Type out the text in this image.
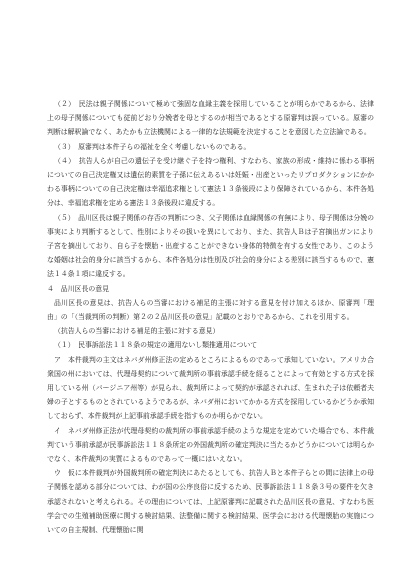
（２）　民法は親子関係について極めて強固な血縁主義を採用していることが明らかであるから、法律上の母子関係についても従前どおり分娩者を母とするのが相当であるとする原審判は誤っている。原審の判断は解釈論でなく、あたかも立法機関による一律的な法規範を決定することを意図した立法論である。

（３）　原審判は本件子らの福祉を全く考慮しないものである。

（４）　抗告人らが自己の遺伝子を受け継ぐ子を持つ権利、すなわち、家族の形成・維持に係わる事柄についての自己決定権又は遺伝的素質を子孫に伝えあるいは妊娠・出産といったリプロダクションにかかわる事柄についての自己決定権は幸福追求権として憲法１３条後段により保障されているから、本件各処分は、幸福追求権を定める憲法１３条後段に違反する。

（５）　品川区長は親子関係の存否の判断につき、父子関係は血縁関係の有無により、母子関係は分娩の事実により判断するとして、性別によりその扱いを異にしており、また、抗告人Ｂは子宮摘出ガンにより子宮を摘出しており、自ら子を懐胎・出産することができない身体的特徴を有する女性であり、このような婚姻は社会的身分に該当するから、本件各処分は性別及び社会的身分による差別に該当するもので、憲法１４条１項に違反する。

４　品川区長の意見

品川区長の意見は、抗告人らの当審における補足的主張に対する意見を付け加えるほか、原審判「理由」の「（当裁判所の判断）第２の２品川区長の意見」記載のとおりであるから、これを引用する。

（抗告人らの当審における補足的主張に対する意見）

（１）　民事訴訟法１１８条の規定の適用ないし類推適用について

ア　本件裁判の主文はネバダ州修正法の定めるところによるものであって承知していない。アメリカ合衆国の州においては、代理母契約について裁判所の事前承認手続を経ることによって有効とする方式を採用している州（バージニア州等）が見られ、裁判所によって契約が承認されれば、生まれた子は依頼者夫婦の子とするものとされているようであるが、ネバダ州においてかかる方式を採用しているかどうか承知しておらず、本件裁判が上記事前承認手続を指すものか明らかでない。

イ　ネバダ州修正法が代理母契約の裁判所の事前承認手続のような規定を定めていた場合でも、本件裁判ていう事前承認が民事訴訟法１１８条所定の外国裁判所の確定判決に当たるかどうかについては明らかでなく、本件裁判の実質によるものであって一概にはいえない。

ウ　仮に本件裁判が外国裁判所の確定判決にあたるとしても、抗告人Ｂと本件子らとの間に法律上の母子関係を認める部分については、わが国の公序良俗に反するため、民事訴訟法１１８条３号の要件を欠き承認されないと考えられる。その理由については、上記原審判に記載された品川区長の意見、すなわち医学会での生殖補助医療に関する検討結果、法整備に関する検討結果、医学会における代理懐胎の実施についての自主規制、代理懐胎に関
